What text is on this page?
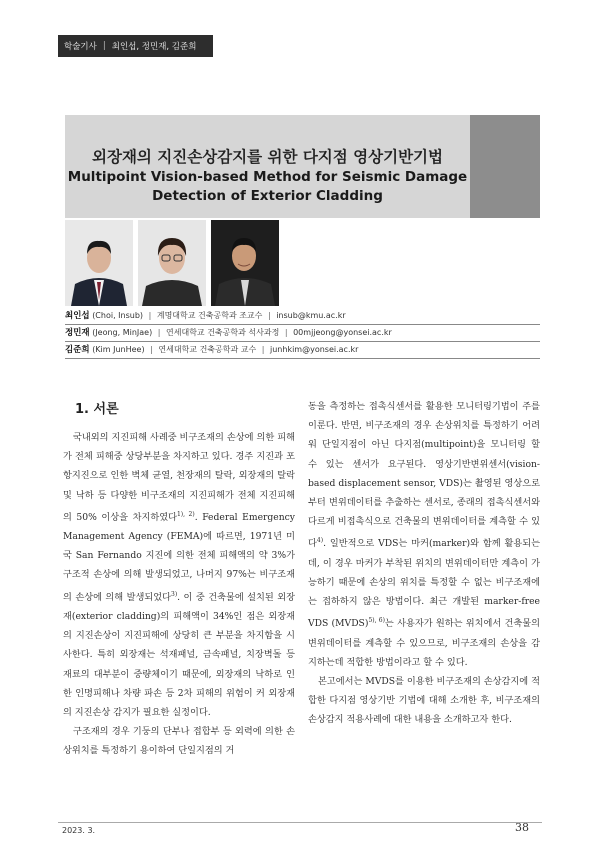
학술기사 | 최인섭, 정민재, 김준희
외장재의 지진손상감지를 위한 다지점 영상기반기법
Multipoint Vision-based Method for Seismic Damage
Detection of Exterior Cladding
최인섭 (Choi, Insub) | 계명대학교 건축공학과 조교수 | insub@kmu.ac.kr
정민재 (Jeong, MinJae) | 연세대학교 건축공학과 석사과정 | 00mjjeong@yonsei.ac.kr
김준희 (Kim JunHee) | 연세대학교 건축공학과 교수 | junhkim@yonsei.ac.kr
1. 서론

국내외의 지진피해 사례중 비구조재의 손상에 의한 피해가 전체 피해중 상당부분을 차지하고 있다. 경주 지진과 포항지진으로 인한 벽체 균열, 천장재의 탈락, 외장재의 탈락 및 낙하 등 다양한 비구조재의 지진피해가 전체 지진피해의 50% 이상을 차지하였다$^{1), 2)}$. Federal Emergency Management Agency (FEMA)에 따르면, 1971년 미국 San Fernando 지진에 의한 전체 피해액의 약 3%가 구조적 손상에 의해 발생되었고, 나머지 97%는 비구조재의 손상에 의해 발생되었다$^{3)}$. 이 중 건축물에 설치된 외장재(exterior cladding)의 피해액이 34%인 점은 외장재의 지진손상이 지진피해에 상당히 큰 부분을 차지함을 시사한다. 특히 외장재는 석재패널, 금속패널, 치장벽돌 등 재료의 대부분이 중량체이기 때문에, 외장재의 낙하로 인한 인명피해나 차량 파손 등 2차 피해의 위험이 커 외장재의 지진손상 감지가 필요한 실정이다.

구조재의 경우 기둥의 단부나 접합부 등 외력에 의한 손상위치를 특정하기 용이하여 단일지점의 거

동을 측정하는 접촉식센서를 활용한 모니터링기법이 주를 이룬다. 반면, 비구조재의 경우 손상위치를 특정하기 어려워 단일지점이 아닌 다지점(multipoint)을 모니터링 할 수 있는 센서가 요구된다. 영상기반변위센서(vision-based displacement sensor, VDS)는 촬영된 영상으로부터 변위데이터를 추출하는 센서로, 종래의 접촉식센서와 다르게 비접촉식으로 건축물의 변위데이터를 계측할 수 있다$^{4)}$. 일반적으로 VDS는 마커(marker)와 함께 활용되는데, 이 경우 마커가 부착된 위치의 변위데이터만 계측이 가능하기 때문에 손상의 위치를 특정할 수 없는 비구조재에는 접하하지 않은 방법이다. 최근 개발된 marker-free VDS (MVDS)$^{5), 6)}$는 사용자가 원하는 위치에서 건축물의 변위데이터를 계측할 수 있으므로, 비구조재의 손상을 감지하는데 적합한 방법이라고 할 수 있다.

본고에서는 MVDS를 이용한 비구조재의 손상감지에 적합한 다지점 영상기반 기법에 대해 소개한 후, 비구조재의 손상감지 적용사례에 대한 내용을 소개하고자 한다.

2023. 3.	38
